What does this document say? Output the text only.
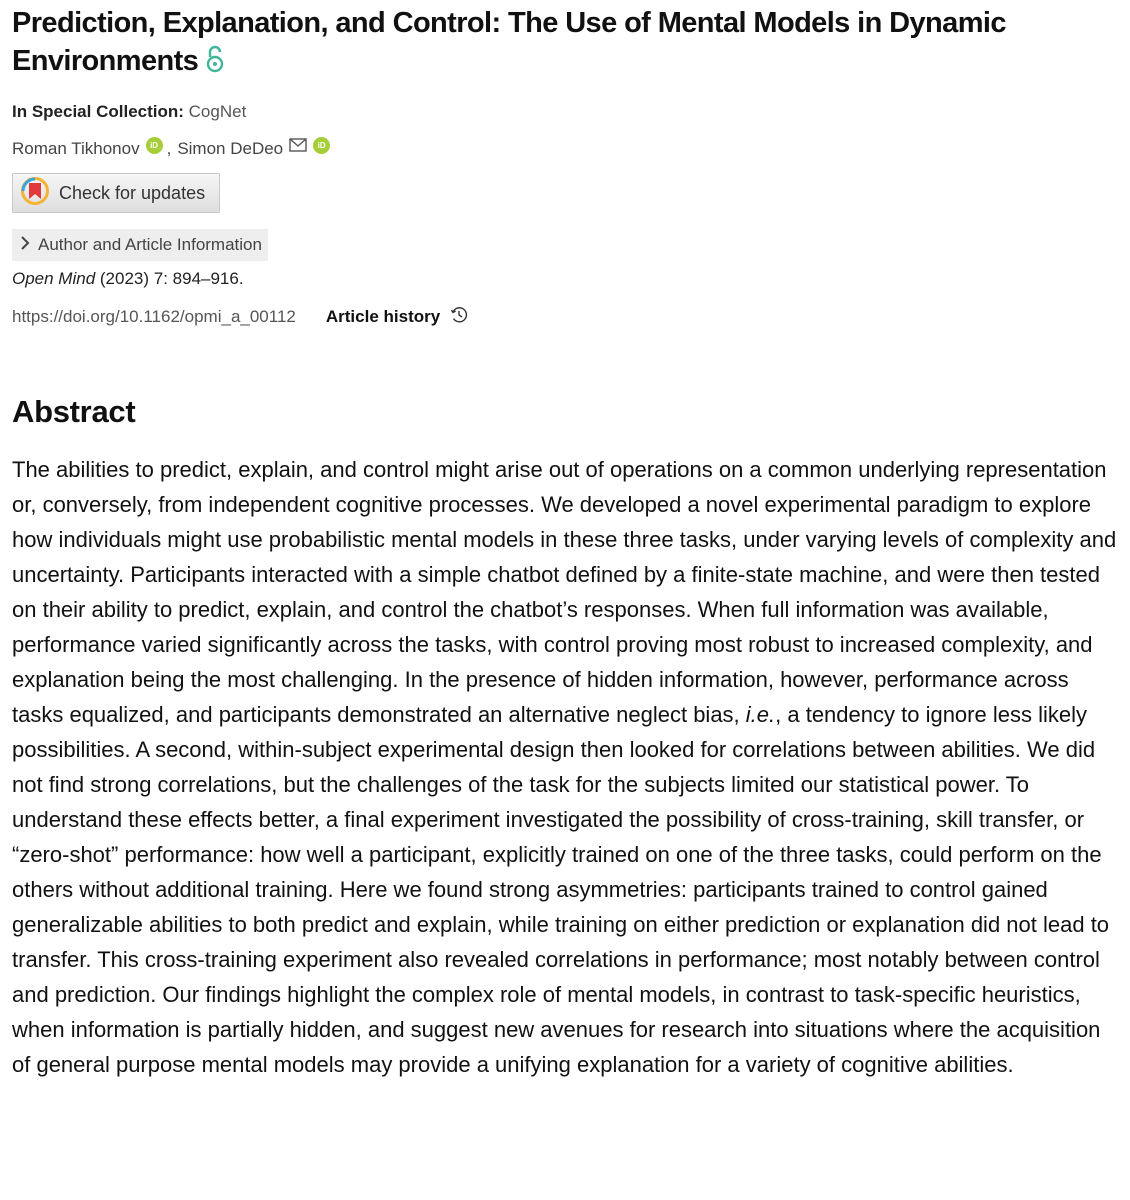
Prediction, Explanation, and Control: The Use of Mental Models in Dynamic Environments
In Special Collection: CogNet
Roman Tikhonov	iD , Simon DeDeo	iD
Check for updates
Author and Article Information
Open Mind (2023) 7: 894–916.
https://doi.org/10.1162/opmi_a_00112 Article history
Abstract

The abilities to predict, explain, and control might arise out of operations on a common underlying representation or, conversely, from independent cognitive processes. We developed a novel experimental paradigm to explore how individuals might use probabilistic mental models in these three tasks, under varying levels of complexity and uncertainty. Participants interacted with a simple chatbot defined by a finite-state machine, and were then tested on their ability to predict, explain, and control the chatbot’s responses. When full information was available, performance varied significantly across the tasks, with control proving most robust to increased complexity, and explanation being the most challenging. In the presence of hidden information, however, performance across tasks equalized, and participants demonstrated an alternative neglect bias, i.e., a tendency to ignore less likely possibilities. A second, within-subject experimental design then looked for correlations between abilities. We did not find strong correlations, but the challenges of the task for the subjects limited our statistical power. To understand these effects better, a final experiment investigated the possibility of cross-training, skill transfer, or “zero-shot” performance: how well a participant, explicitly trained on one of the three tasks, could perform on the others without additional training. Here we found strong asymmetries: participants trained to control gained generalizable abilities to both predict and explain, while training on either prediction or explanation did not lead to transfer. This cross-training experiment also revealed correlations in performance; most notably between control and prediction. Our findings highlight the complex role of mental models, in contrast to task-specific heuristics, when information is partially hidden, and suggest new avenues for research into situations where the acquisition of general purpose mental models may provide a unifying explanation for a variety of cognitive abilities.
